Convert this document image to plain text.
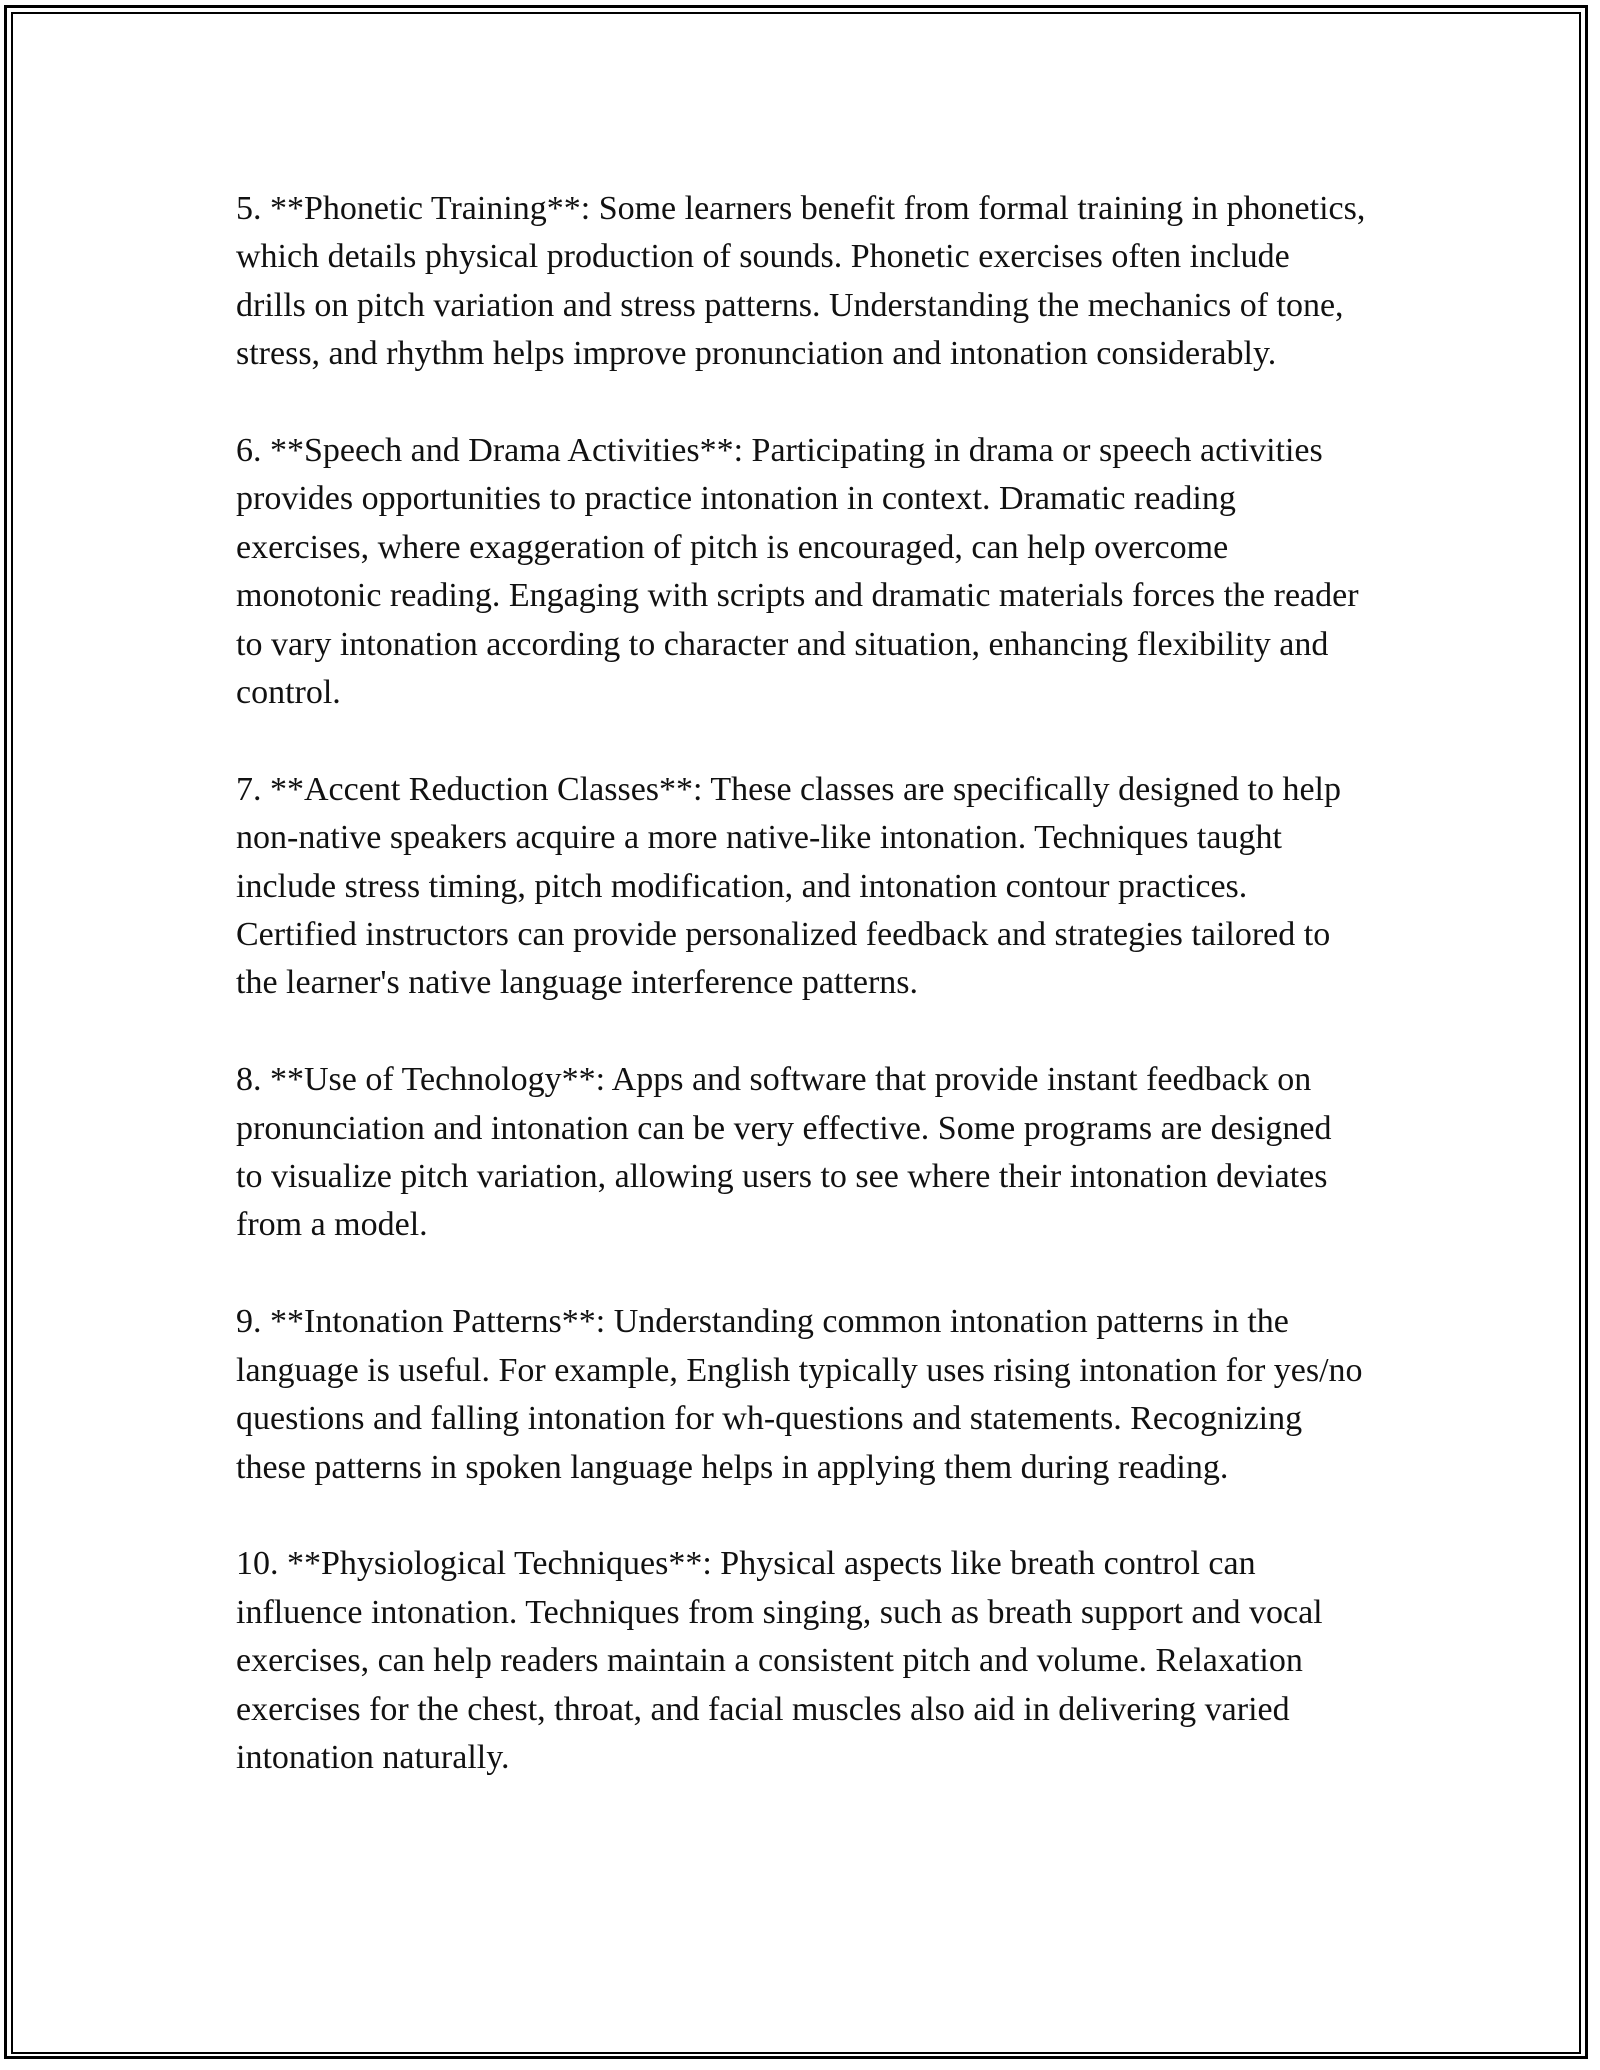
5. **Phonetic Training**: Some learners benefit from formal training in phonetics, which details physical production of sounds. Phonetic exercises often include drills on pitch variation and stress patterns. Understanding the mechanics of tone, stress, and rhythm helps improve pronunciation and intonation considerably.

6. **Speech and Drama Activities**: Participating in drama or speech activities provides opportunities to practice intonation in context. Dramatic reading exercises, where exaggeration of pitch is encouraged, can help overcome monotonic reading. Engaging with scripts and dramatic materials forces the reader to vary intonation according to character and situation, enhancing flexibility and control.

7. **Accent Reduction Classes**: These classes are specifically designed to help non-native speakers acquire a more native-like intonation. Techniques taught include stress timing, pitch modification, and intonation contour practices. Certified instructors can provide personalized feedback and strategies tailored to the learner's native language interference patterns.

8. **Use of Technology**: Apps and software that provide instant feedback on pronunciation and intonation can be very effective. Some programs are designed to visualize pitch variation, allowing users to see where their intonation deviates from a model.

9. **Intonation Patterns**: Understanding common intonation patterns in the language is useful. For example, English typically uses rising intonation for yes/no questions and falling intonation for wh-questions and statements. Recognizing these patterns in spoken language helps in applying them during reading.

10. **Physiological Techniques**: Physical aspects like breath control can influence intonation. Techniques from singing, such as breath support and vocal exercises, can help readers maintain a consistent pitch and volume. Relaxation exercises for the chest, throat, and facial muscles also aid in delivering varied intonation naturally.
